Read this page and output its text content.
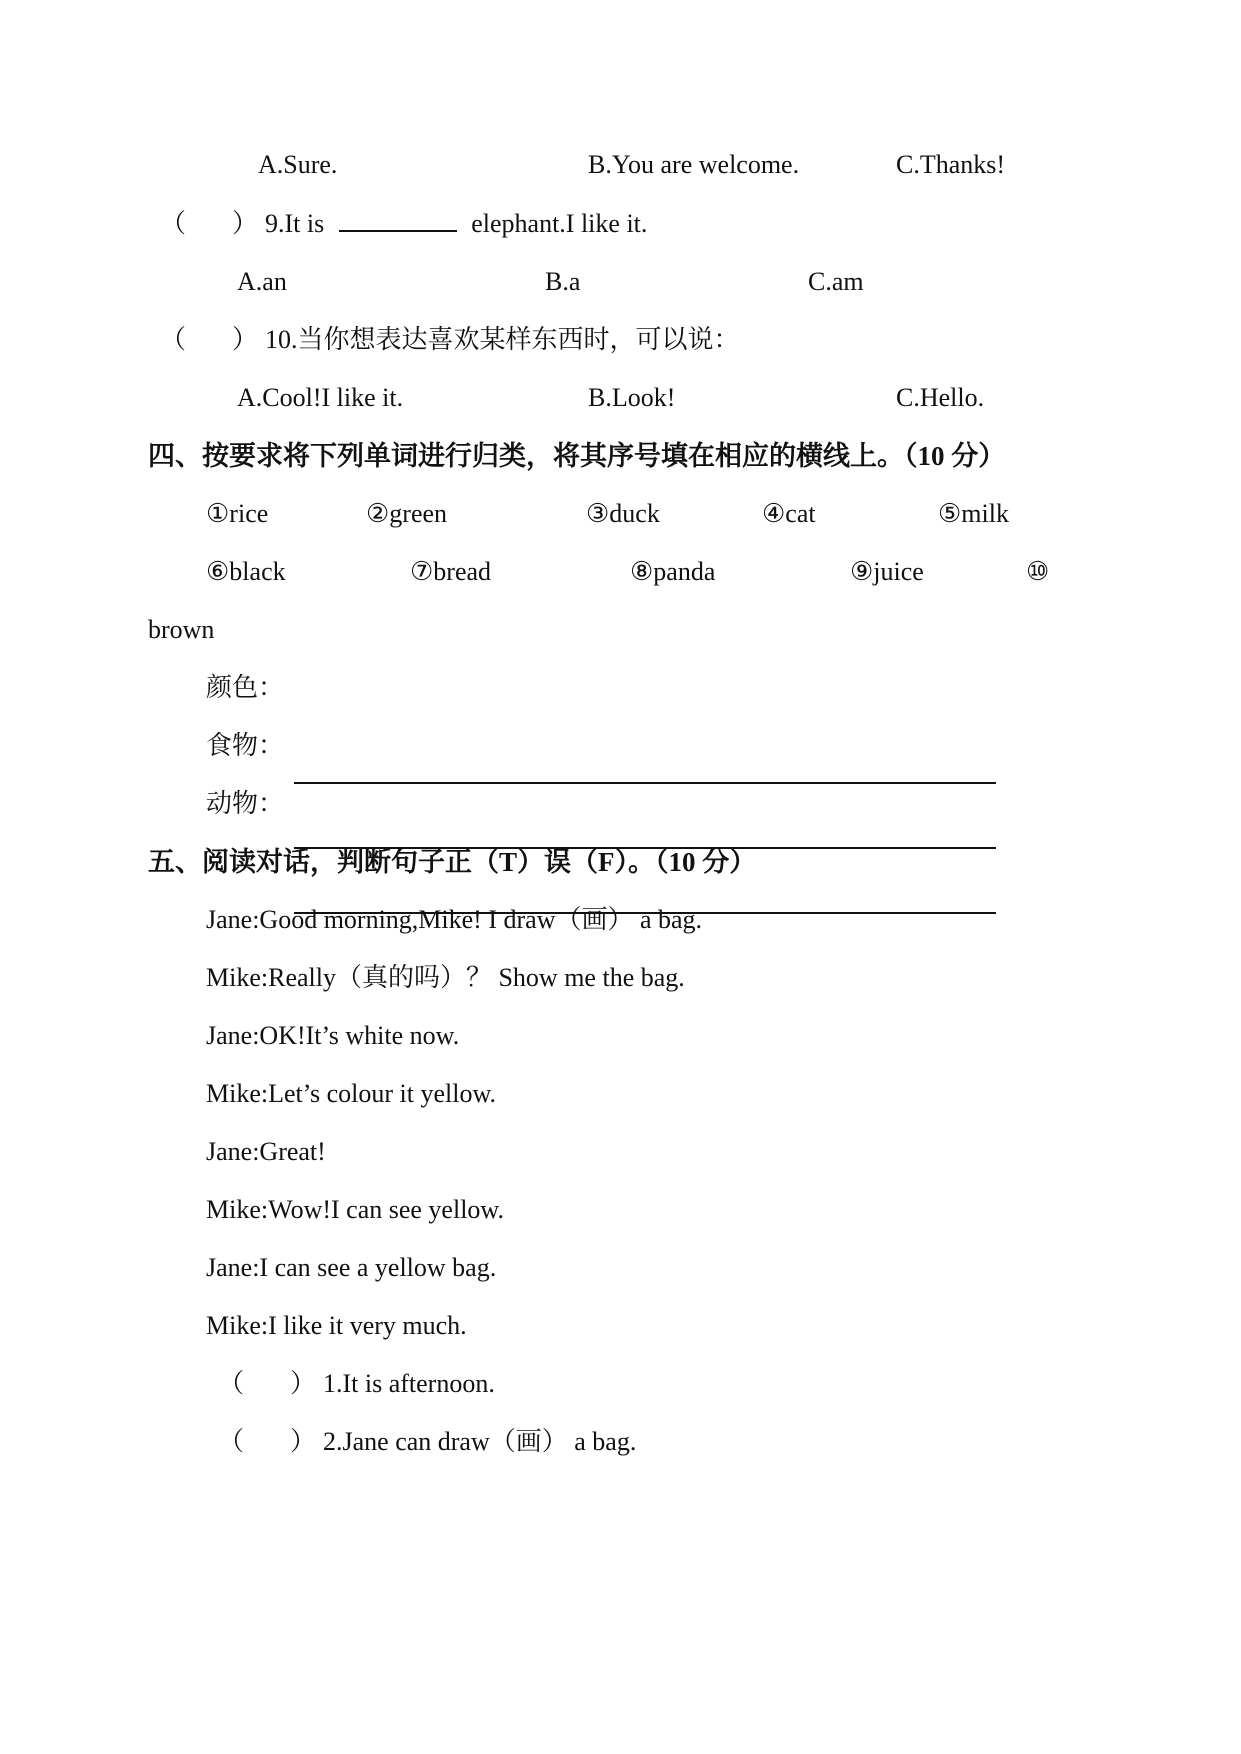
A.Sure.	B.You are welcome.	C.Thanks!
（ ） 9.It is	elephant.I like it.
A.an	B.a	C.am
（ ） 10.当你想表达喜欢某样东西时，可以说：
A.Cool!I like it.	B.Look!	C.Hello.
四、按要求将下列单词进行归类，将其序号填在相应的横线上。（10 分）
①rice	②green	③duck	④cat	⑤milk
⑥black	⑦bread	⑧panda	⑨juice	⑩
brown
颜色：
食物：
动物：
五、阅读对话，判断句子正（T）误（F）。（10 分）
Jane:Good morning,Mike! I draw（画） a bag.
Mike:Really（真的吗）？ Show me the bag.
Jane:OK!It’s white now.
Mike:Let’s colour it yellow.
Jane:Great!
Mike:Wow!I can see yellow.
Jane:I can see a yellow bag.
Mike:I like it very much.
（ ） 1.It is afternoon.
（ ） 2.Jane can draw（画） a bag.
